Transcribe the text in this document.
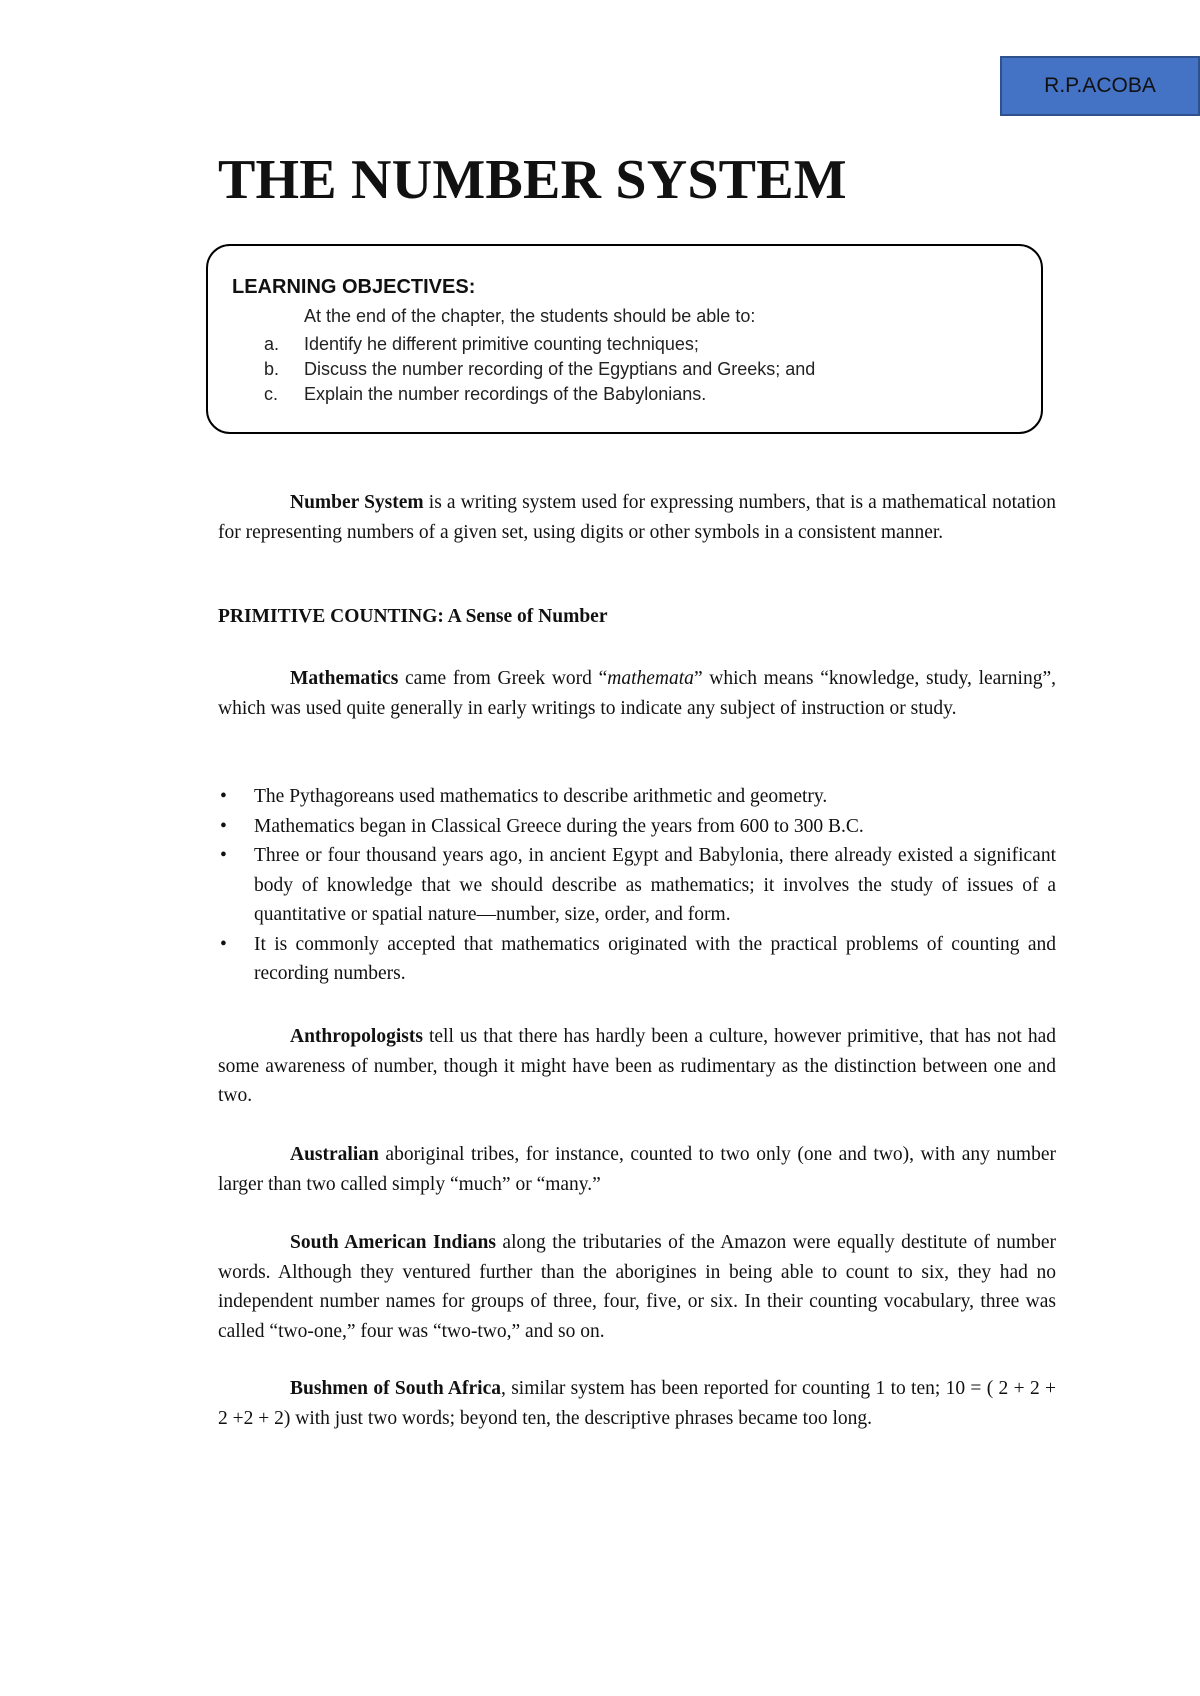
R.P.ACOBA
THE NUMBER SYSTEM
LEARNING OBJECTIVES:
At the end of the chapter, the students should be able to:
a.	Identify he different primitive counting techniques;
b.	Discuss the number recording of the Egyptians and Greeks; and
c.	Explain the number recordings of the Babylonians.

Number System is a writing system used for expressing numbers, that is a mathematical notation for representing numbers of a given set, using digits or other symbols in a consistent manner.

PRIMITIVE COUNTING: A Sense of Number

Mathematics came from Greek word “mathemata” which means “knowledge, study, learning”, which was used quite generally in early writings to indicate any subject of instruction or study.

• The Pythagoreans used mathematics to describe arithmetic and geometry.
• Mathematics began in Classical Greece during the years from 600 to 300 B.C.
• Three or four thousand years ago, in ancient Egypt and Babylonia, there already existed a significant body of knowledge that we should describe as mathematics; it involves the study of issues of a quantitative or spatial nature—number, size, order, and form.
• It is commonly accepted that mathematics originated with the practical problems of counting and recording numbers.

Anthropologists tell us that there has hardly been a culture, however primitive, that has not had some awareness of number, though it might have been as rudimentary as the distinction between one and two.

Australian aboriginal tribes, for instance, counted to two only (one and two), with any number larger than two called simply “much” or “many.”

South American Indians along the tributaries of the Amazon were equally destitute of number words. Although they ventured further than the aborigines in being able to count to six, they had no independent number names for groups of three, four, five, or six. In their counting vocabulary, three was called “two-one,” four was “two-two,” and so on.

Bushmen of South Africa, similar system has been reported for counting 1 to ten; 10 = ( 2 + 2 + 2 +2 + 2) with just two words; beyond ten, the descriptive phrases became too long.
